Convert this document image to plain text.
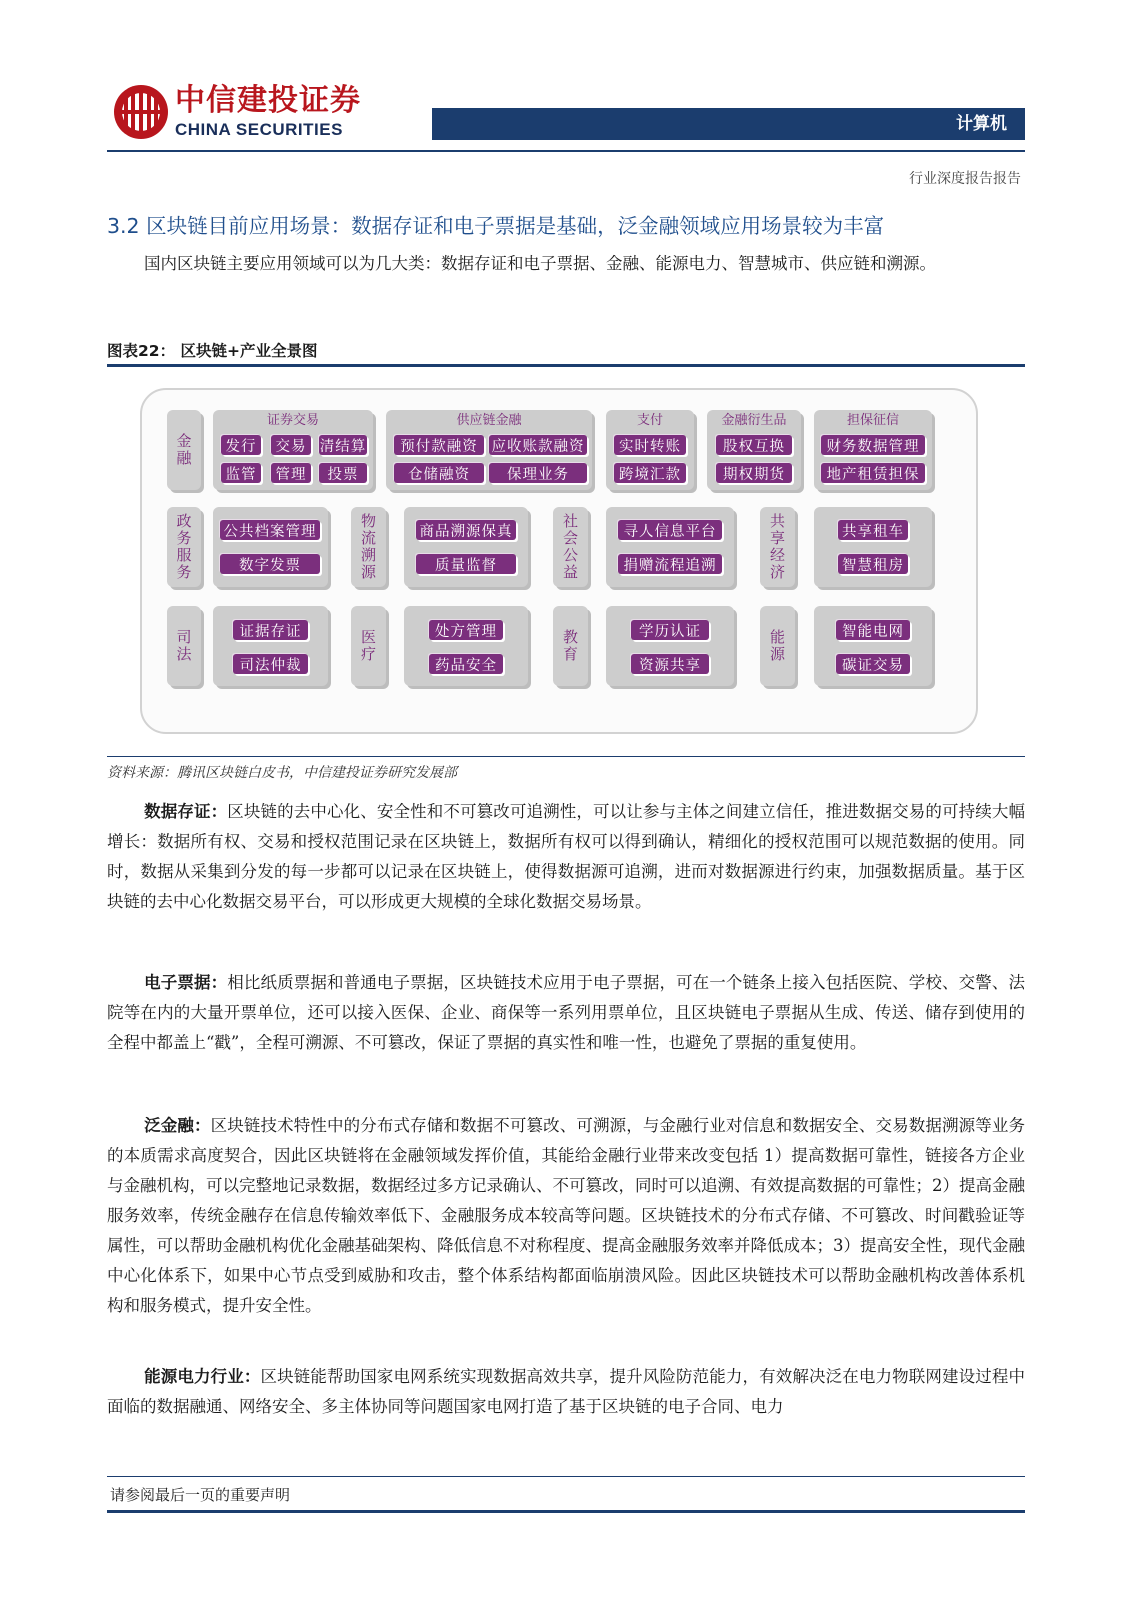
中信建投证券
CHINA SECURITIES	计算机
行业深度报告报告
3.2 区块链目前应用场景：数据存证和电子票据是基础，泛金融领域应用场景较为丰富
国内区块链主要应用领域可以为几大类：数据存证和电子票据、金融、能源电力、智慧城市、供应链和溯源。
图表22： 区块链+产业全景图
金融
证券交易
发行	交易 清结算
监管	管理	投票
供应链金融
预付款融资 应收账款融资
仓储融资	保理业务
支付
实时转账
跨境汇款
金融衍生品
股权互换
期权期货
担保征信
财务数据管理
地产租赁担保
政务服务
公共档案管理
数字发票
物流溯源
商品溯源保真
质量监督
社会公益
寻人信息平台
捐赠流程追溯
共享经济
共享租车
智慧租房
司法
证据存证
司法仲裁
医疗
处方管理
药品安全
教育
学历认证
资源共享
能源
智能电网
碳证交易
资料来源：腾讯区块链白皮书，中信建投证券研究发展部
数据存证：区块链的去中心化、安全性和不可篡改可追溯性，可以让参与主体之间建立信任，推进数据交易的可持续大幅增长：数据所有权、交易和授权范围记录在区块链上，数据所有权可以得到确认，精细化的授权范围可以规范数据的使用。同时，数据从采集到分发的每一步都可以记录在区块链上，使得数据源可追溯，进而对数据源进行约束，加强数据质量。基于区块链的去中心化数据交易平台，可以形成更大规模的全球化数据交易场景。
电子票据：相比纸质票据和普通电子票据，区块链技术应用于电子票据，可在一个链条上接入包括医院、学校、交警、法院等在内的大量开票单位，还可以接入医保、企业、商保等一系列用票单位，且区块链电子票据从生成、传送、储存到使用的全程中都盖上“戳”，全程可溯源、不可篡改，保证了票据的真实性和唯一性，也避免了票据的重复使用。
泛金融：区块链技术特性中的分布式存储和数据不可篡改、可溯源，与金融行业对信息和数据安全、交易数据溯源等业务的本质需求高度契合，因此区块链将在金融领域发挥价值，其能给金融行业带来改变包括 1）提高数据可靠性，链接各方企业与金融机构，可以完整地记录数据，数据经过多方记录确认、不可篡改，同时可以追溯、有效提高数据的可靠性；2）提高金融服务效率，传统金融存在信息传输效率低下、金融服务成本较高等问题。区块链技术的分布式存储、不可篡改、时间戳验证等属性，可以帮助金融机构优化金融基础架构、降低信息不对称程度、提高金融服务效率并降低成本；3）提高安全性，现代金融中心化体系下，如果中心节点受到威胁和攻击，整个体系结构都面临崩溃风险。因此区块链技术可以帮助金融机构改善体系机构和服务模式，提升安全性。
能源电力行业：区块链能帮助国家电网系统实现数据高效共享，提升风险防范能力，有效解决泛在电力物联网建设过程中面临的数据融通、网络安全、多主体协同等问题国家电网打造了基于区块链的电子合同、电力
请参阅最后一页的重要声明
